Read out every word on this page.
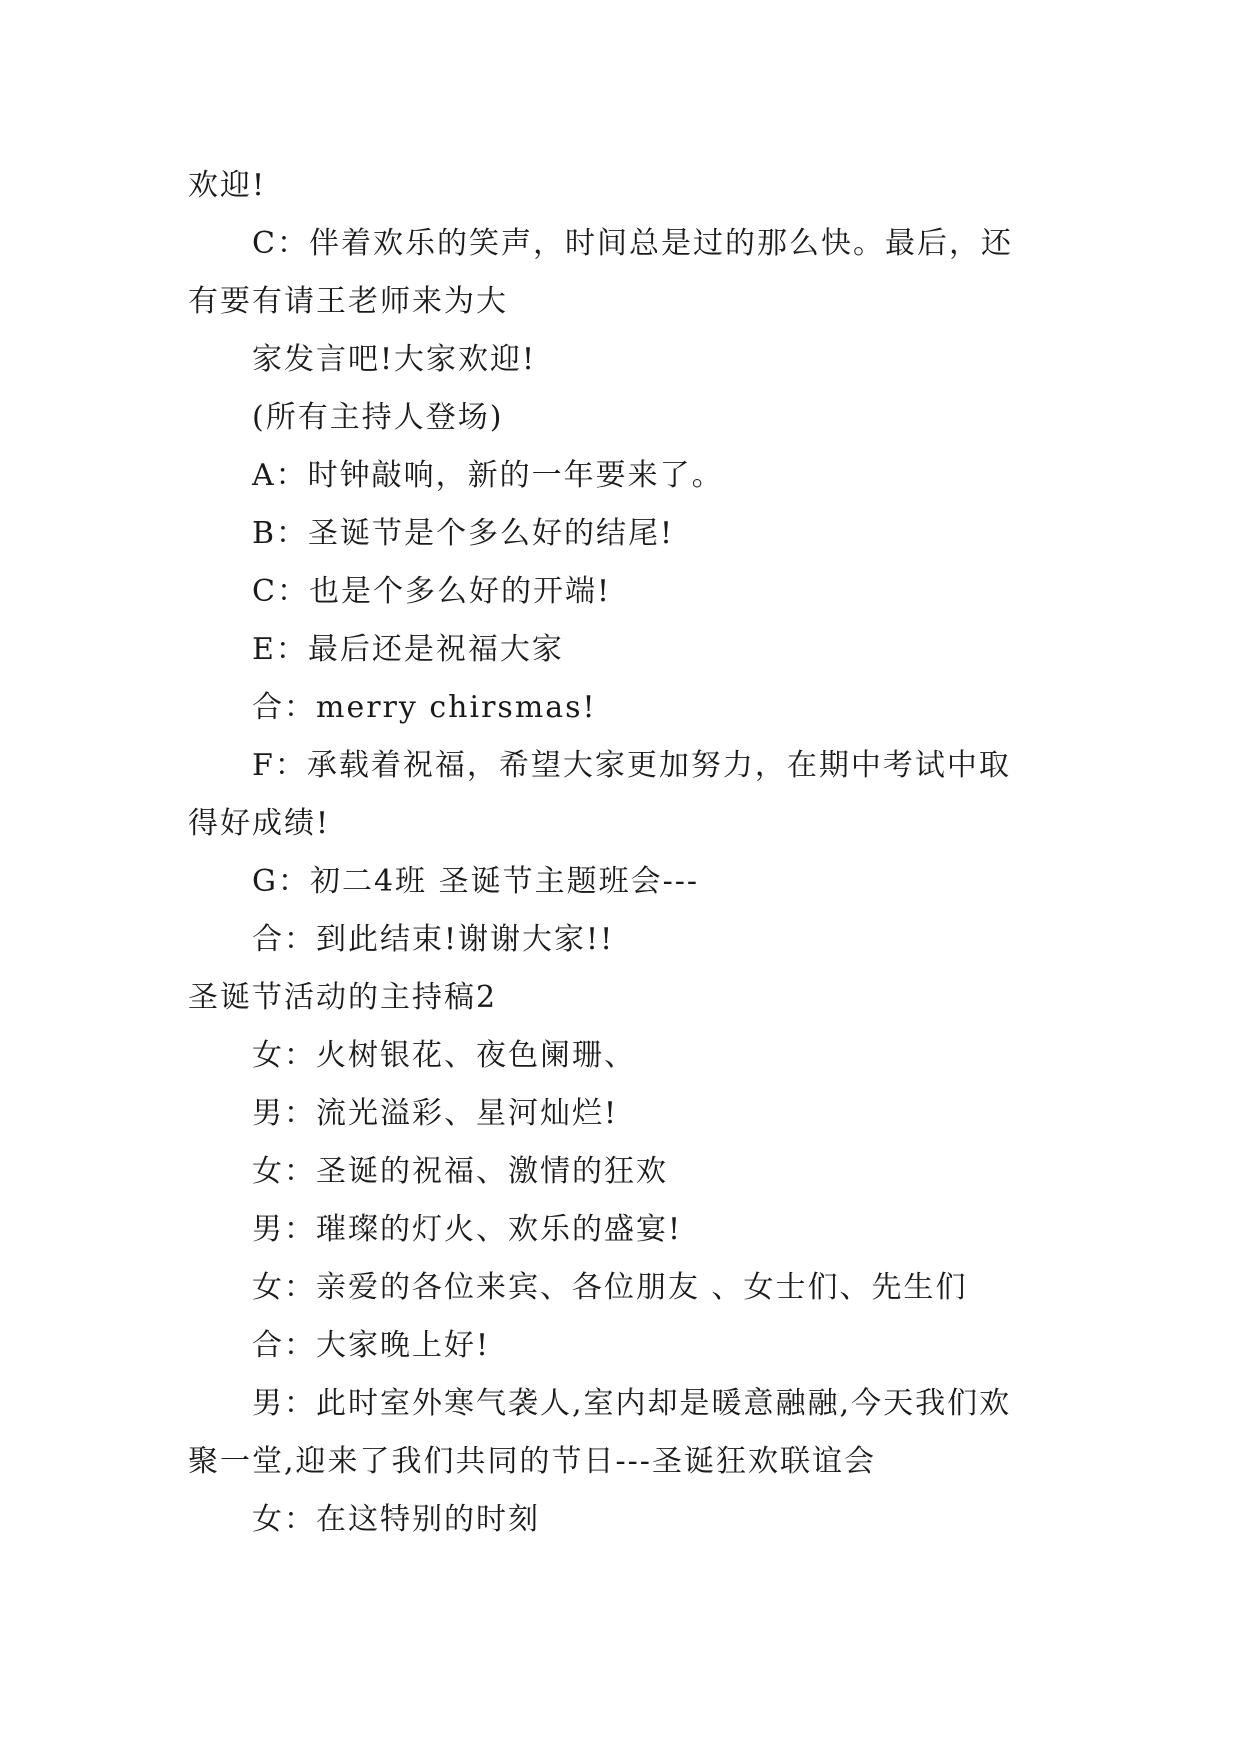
欢迎!

C：伴着欢乐的笑声，时间总是过的那么快。最后，还

有要有请王老师来为大

家发言吧!大家欢迎!

(所有主持人登场)

A：时钟敲响，新的一年要来了。

B：圣诞节是个多么好的结尾!

C：也是个多么好的开端!

E：最后还是祝福大家

合：merry chirsmas!

F：承载着祝福，希望大家更加努力，在期中考试中取

得好成绩!

G：初二4班 圣诞节主题班会---

合：到此结束!谢谢大家!!

圣诞节活动的主持稿2

女：火树银花、夜色阑珊、

男：流光溢彩、星河灿烂!

女：圣诞的祝福、激情的狂欢

男：璀璨的灯火、欢乐的盛宴!

女：亲爱的各位来宾、各位朋友 、女士们、先生们

合：大家晚上好!

男：此时室外寒气袭人,室内却是暖意融融,今天我们欢

聚一堂,迎来了我们共同的节日---圣诞狂欢联谊会

女：在这特别的时刻
